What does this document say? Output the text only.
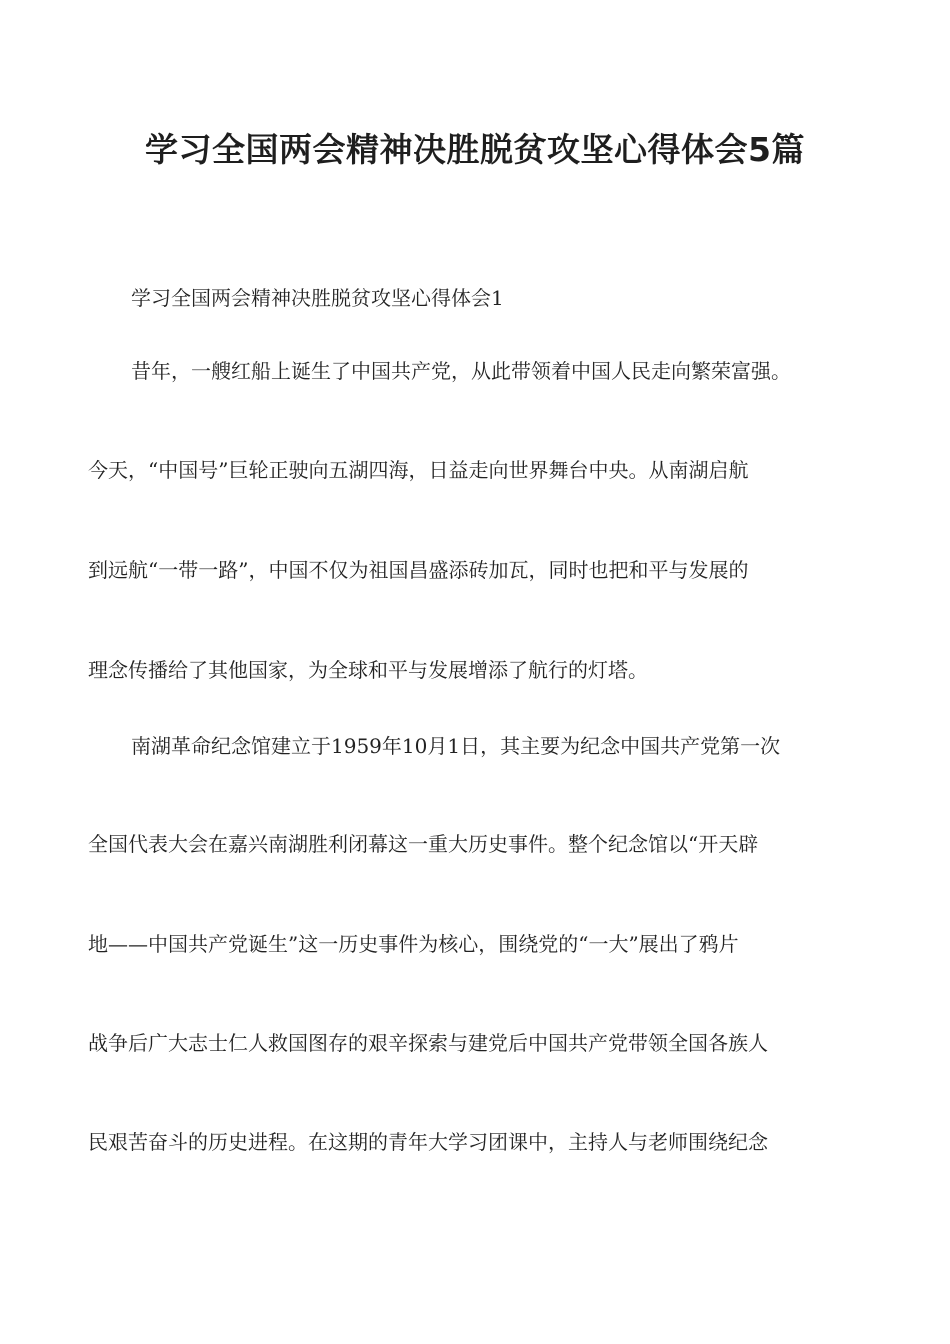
学习全国两会精神决胜脱贫攻坚心得体会5篇

学习全国两会精神决胜脱贫攻坚心得体会1

昔年，一艘红船上诞生了中国共产党，从此带领着中国人民走向繁荣富强。

今天，“中国号”巨轮正驶向五湖四海，日益走向世界舞台中央。从南湖启航

到远航“一带一路”，中国不仅为祖国昌盛添砖加瓦，同时也把和平与发展的

理念传播给了其他国家，为全球和平与发展增添了航行的灯塔。

南湖革命纪念馆建立于1959年10月1日，其主要为纪念中国共产党第一次

全国代表大会在嘉兴南湖胜利闭幕这一重大历史事件。整个纪念馆以“开天辟

地——中国共产党诞生”这一历史事件为核心，围绕党的“一大”展出了鸦片

战争后广大志士仁人救国图存的艰辛探索与建党后中国共产党带领全国各族人

民艰苦奋斗的历史进程。在这期的青年大学习团课中，主持人与老师围绕纪念
